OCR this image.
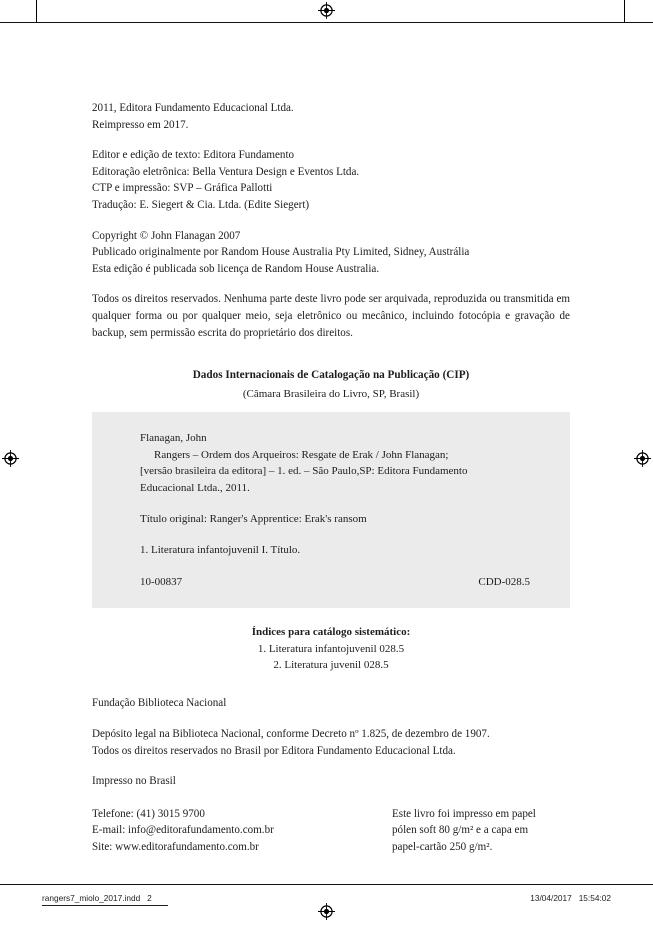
2011, Editora Fundamento Educacional Ltda.
Reimpresso em 2017.

Editor e edição de texto: Editora Fundamento
Editoração eletrônica: Bella Ventura Design e Eventos Ltda.
CTP e impressão: SVP – Gráfica Pallotti
Tradução: E. Siegert & Cia. Ltda. (Edite Siegert)

Copyright © John Flanagan 2007
Publicado originalmente por Random House Australia Pty Limited, Sidney, Austrália
Esta edição é publicada sob licença de Random House Australia.

Todos os direitos reservados. Nenhuma parte deste livro pode ser arquivada, reproduzida ou transmitida em qualquer forma ou por qualquer meio, seja eletrônico ou mecânico, incluindo fotocópia e gravação de backup, sem permissão escrita do proprietário dos direitos.

Dados Internacionais de Catalogação na Publicação (CIP)
(Câmara Brasileira do Livro, SP, Brasil)
Flanagan, John
Rangers – Ordem dos Arqueiros: Resgate de Erak / John Flanagan;
[versão brasileira da editora] – 1. ed. – São Paulo,SP: Editora Fundamento
Educacional Ltda., 2011.
Título original: Ranger's Apprentice: Erak's ransom
1. Literatura infantojuvenil I. Título.
10-00837	CDD-028.5
Índices para catálogo sistemático:
1. Literatura infantojuvenil 028.5
2. Literatura juvenil 028.5

Fundação Biblioteca Nacional

Depósito legal na Biblioteca Nacional, conforme Decreto nº 1.825, de dezembro de 1907.
Todos os direitos reservados no Brasil por Editora Fundamento Educacional Ltda.

Impresso no Brasil

Telefone: (41) 3015 9700
E-mail: info@editorafundamento.com.br
Site: www.editorafundamento.com.br
Este livro foi impresso em papel
pólen soft 80 g/m² e a capa em
papel-cartão 250 g/m².
rangers7_miolo_2017.indd   2	13/04/2017   15:54:02
